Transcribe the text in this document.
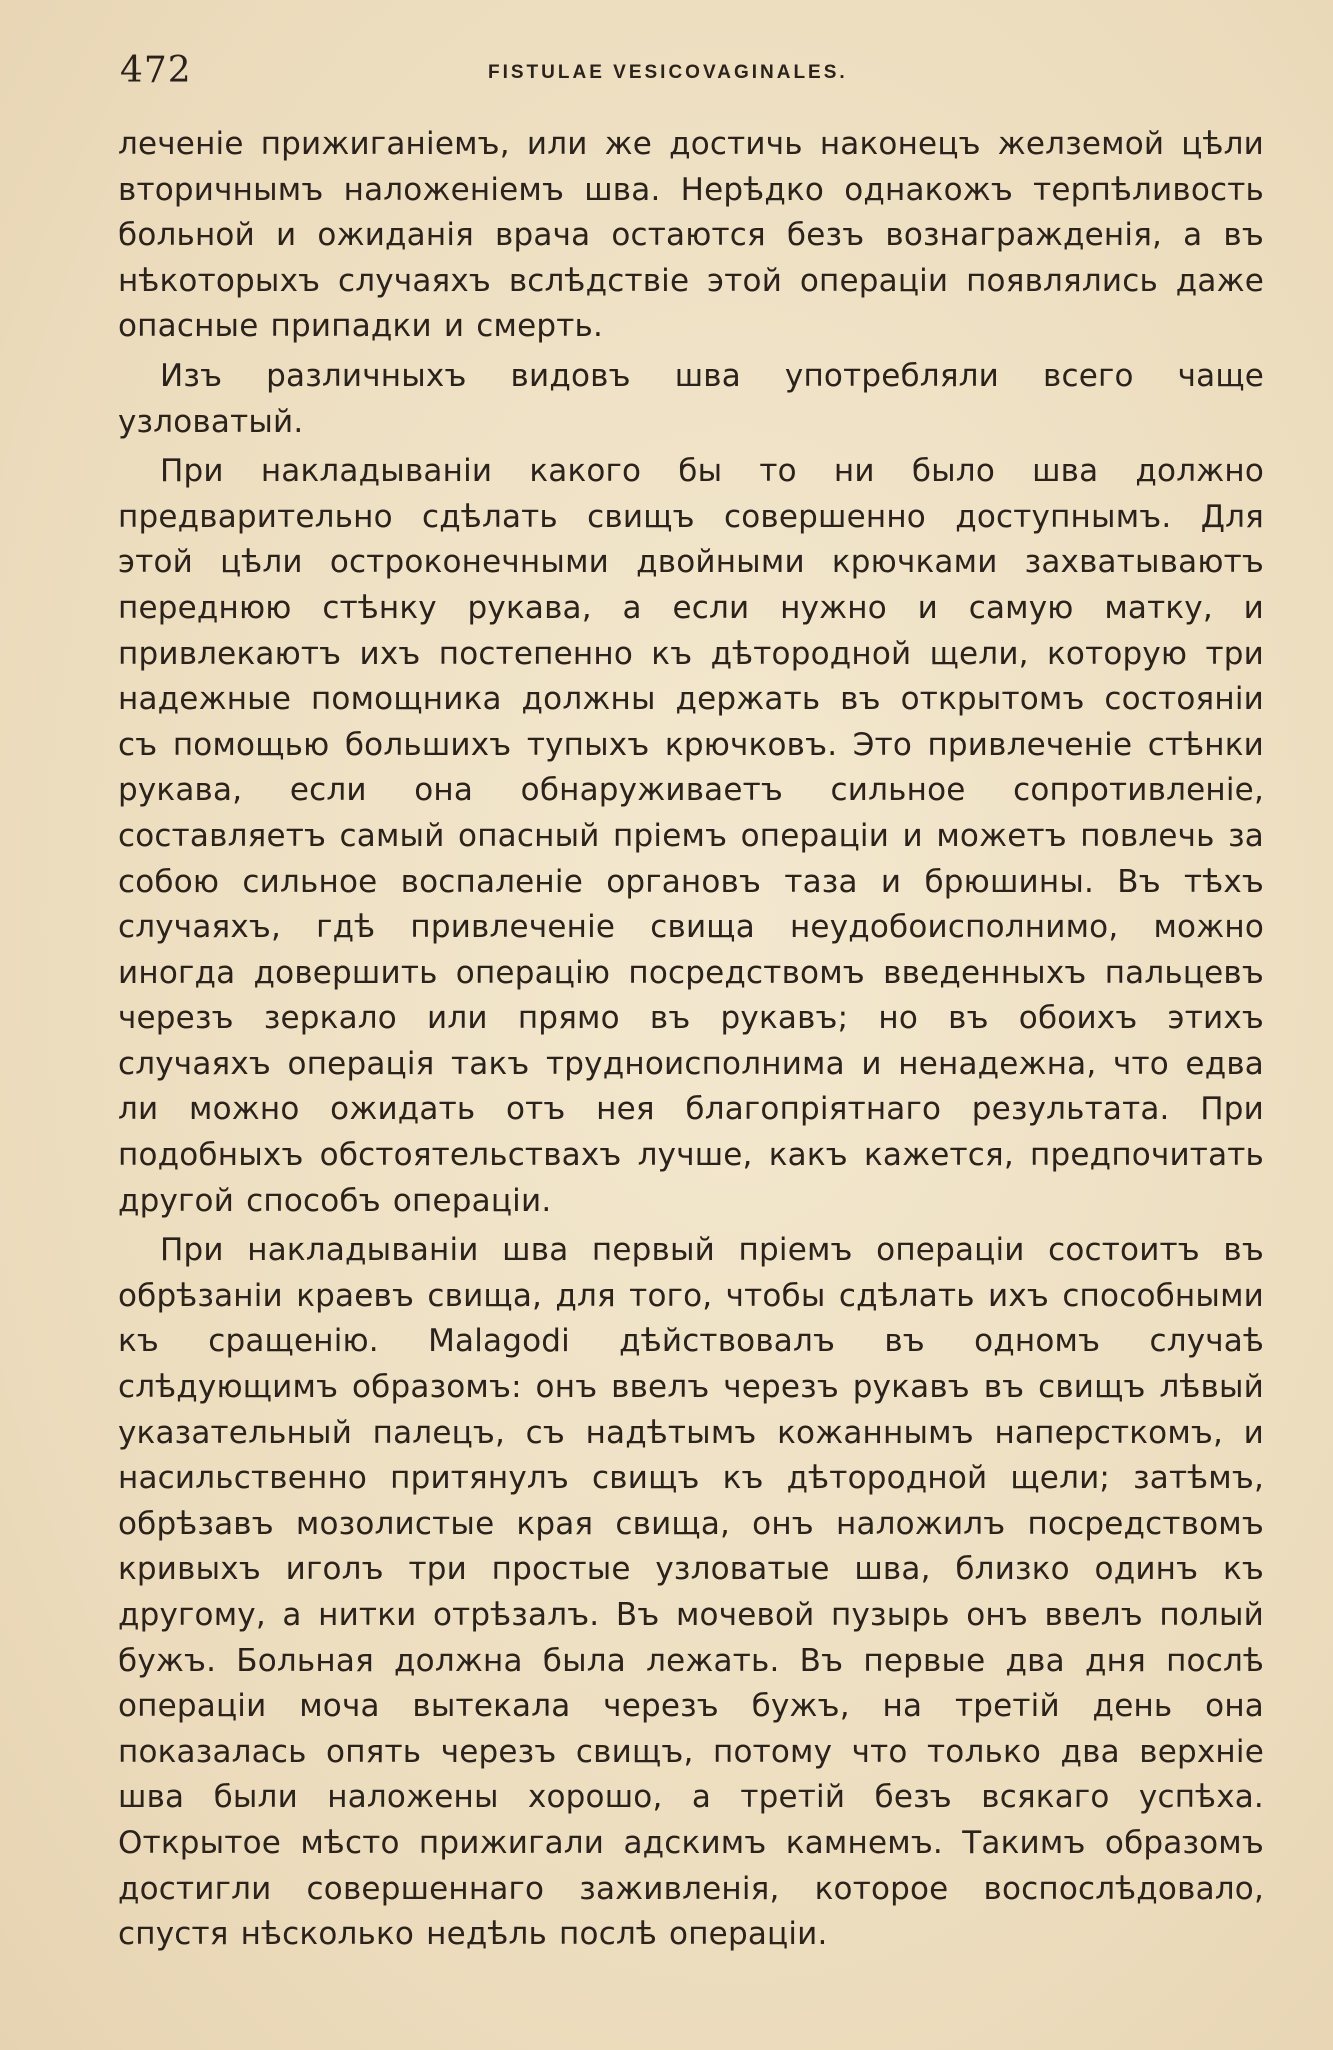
472	FISTULAE VESICOVAGINALES.

леченіе прижиганіемъ, или же достичь наконецъ желземой цѣли вторичнымъ наложеніемъ шва. Нерѣдко однакожъ терпѣливость больной и ожиданія врача остаются безъ вознагражденія, а въ нѣкоторыхъ случаяхъ вслѣдствіе этой операціи появлялись даже опасные припадки и смерть.

Изъ различныхъ видовъ шва употребляли всего чаще узловатый.

При накладываніи какого бы то ни было шва должно предварительно сдѣлать свищъ совершенно доступнымъ. Для этой цѣли остроконечными двойными крючками захватываютъ переднюю стѣнку рукава, а если нужно и самую матку, и привлекаютъ ихъ постепенно къ дѣтородной щели, которую три надежные помощника должны держать въ открытомъ состояніи съ помощью большихъ тупыхъ крючковъ. Это привлеченіе стѣнки рукава, если она обнаруживаетъ сильное сопротивленіе, составляетъ самый опасный пріемъ операціи и можетъ повлечь за собою сильное воспаленіе органовъ таза и брюшины. Въ тѣхъ случаяхъ, гдѣ привлеченіе свища неудобоисполнимо, можно иногда довершить операцію посредствомъ введенныхъ пальцевъ черезъ зеркало или прямо въ рукавъ; но въ обоихъ этихъ случаяхъ операція такъ трудноисполнима и ненадежна, что едва ли можно ожидать отъ нея благопріятнаго результата. При подобныхъ обстоятельствахъ лучше, какъ кажется, предпочитать другой способъ операціи.

При накладываніи шва первый пріемъ операціи состоитъ въ обрѣзаніи краевъ свища, для того, чтобы сдѣлать ихъ способными къ сращенію. Malagodi дѣйствовалъ въ одномъ случаѣ слѣдующимъ образомъ: онъ ввелъ черезъ рукавъ въ свищъ лѣвый указательный палецъ, съ надѣтымъ кожаннымъ наперсткомъ, и насильственно притянулъ свищъ къ дѣтородной щели; затѣмъ, обрѣзавъ мозолистые края свища, онъ наложилъ посредствомъ кривыхъ иголъ три простые узловатые шва, близко одинъ къ другому, а нитки отрѣзалъ. Въ мочевой пузырь онъ ввелъ полый бужъ. Больная должна была лежать. Въ первые два дня послѣ операціи моча вытекала черезъ бужъ, на третій день она показалась опять черезъ свищъ, потому что только два верхніе шва были наложены хорошо, а третій безъ всякаго успѣха. Открытое мѣсто прижигали адскимъ камнемъ. Такимъ образомъ достигли совершеннаго заживленія, которое воспослѣдовало, спустя нѣсколько недѣль послѣ операціи.
